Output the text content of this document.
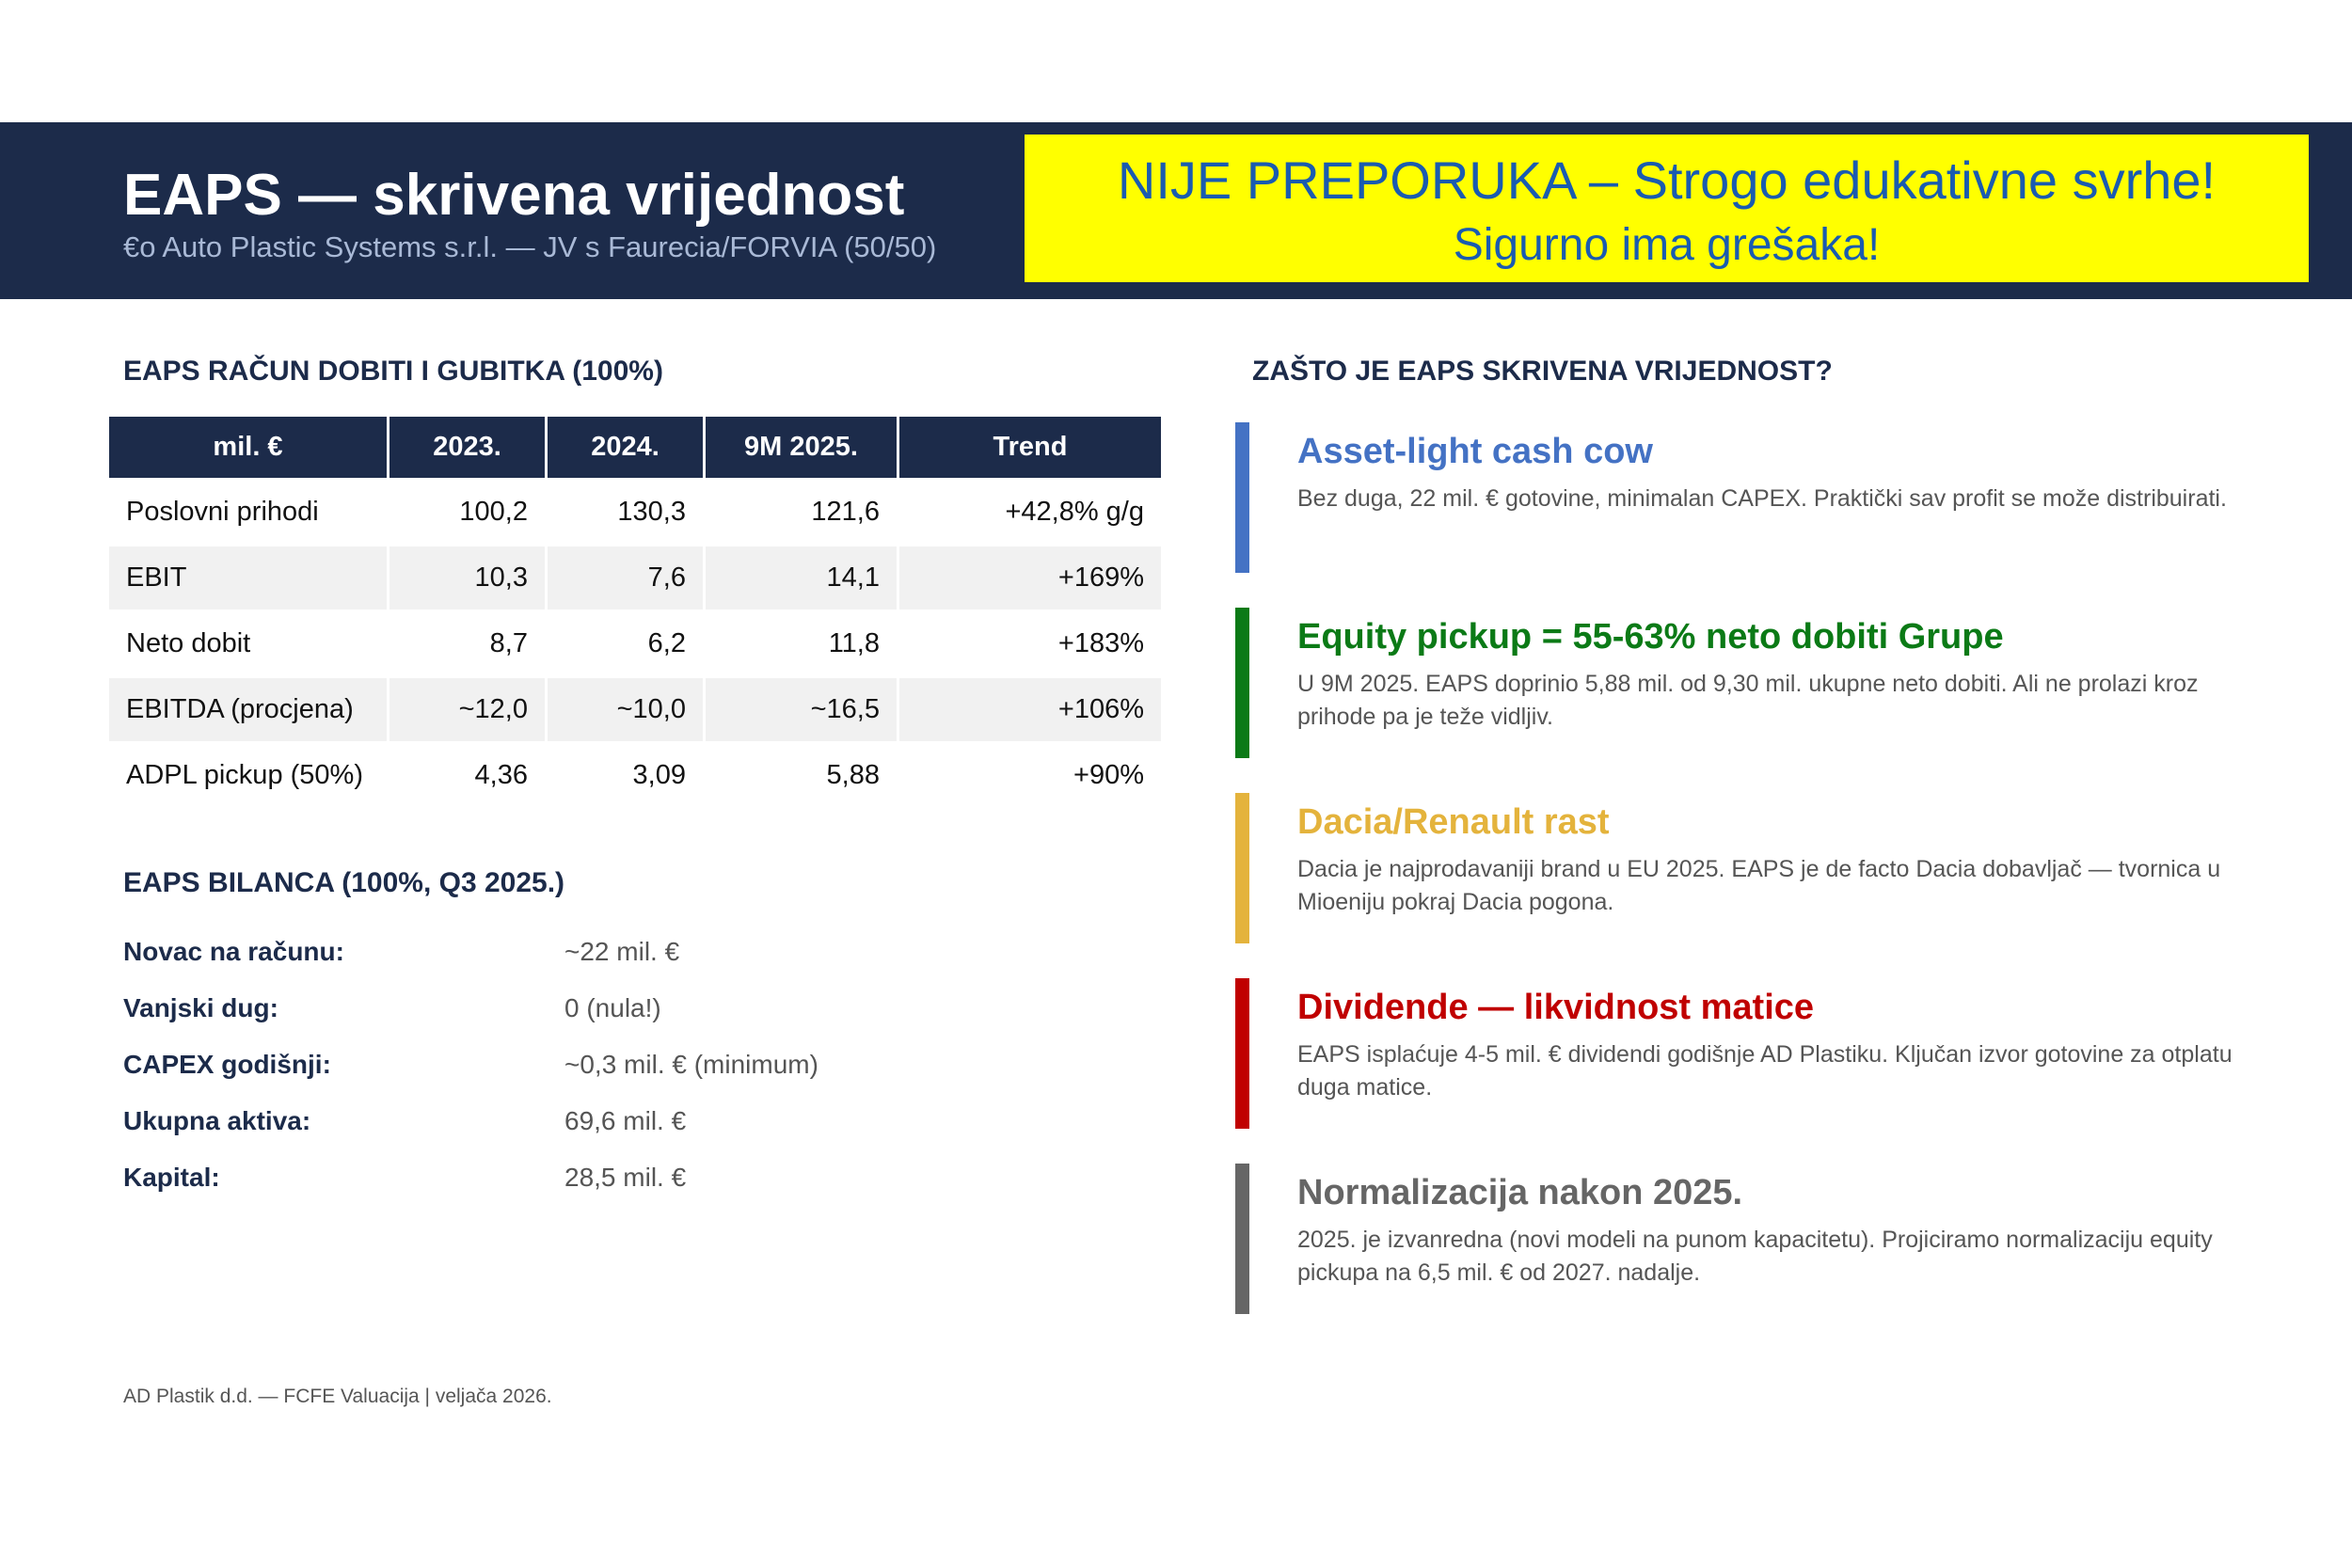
EAPS — skrivena vrijednost
€o Auto Plastic Systems s.r.l. — JV s Faurecia/FORVIA (50/50)
NIJE PREPORUKA – Strogo edukativne svrhe!
Sigurno ima grešaka!
EAPS RAČUN DOBITI I GUBITKA (100%)
mil. €	2023.	2024.	9M 2025.	Trend
Poslovni prihodi	100,2	130,3	121,6	+42,8% g/g
EBIT	10,3	7,6	14,1	+169%
Neto dobit	8,7	6,2	11,8	+183%
EBITDA (procjena)	~12,0	~10,0	~16,5	+106%
ADPL pickup (50%)	4,36	3,09	5,88	+90%
EAPS BILANCA (100%, Q3 2025.)
Novac na računu:	~22 mil. €
Vanjski dug:	0 (nula!)
CAPEX godišnji:	~0,3 mil. € (minimum)
Ukupna aktiva:	69,6 mil. €
Kapital:	28,5 mil. €
ZAŠTO JE EAPS SKRIVENA VRIJEDNOST?
Asset-light cash cow
Bez duga, 22 mil. € gotovine, minimalan CAPEX. Praktički sav profit se može distribuirati.
Equity pickup = 55-63% neto dobiti Grupe
U 9M 2025. EAPS doprinio 5,88 mil. od 9,30 mil. ukupne neto dobiti. Ali ne prolazi kroz prihode pa je teže vidljiv.
Dacia/Renault rast
Dacia je najprodavaniji brand u EU 2025. EAPS je de facto Dacia dobavljač — tvornica u Mioeniju pokraj Dacia pogona.
Dividende — likvidnost matice
EAPS isplaćuje 4-5 mil. € dividendi godišnje AD Plastiku. Ključan izvor gotovine za otplatu duga matice.
Normalizacija nakon 2025.
2025. je izvanredna (novi modeli na punom kapacitetu). Projiciramo normalizaciju equity pickupa na 6,5 mil. € od 2027. nadalje.
AD Plastik d.d. — FCFE Valuacija | veljača 2026.
